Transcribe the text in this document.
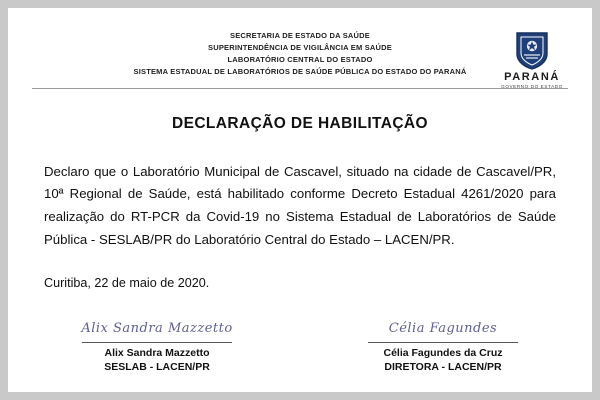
SECRETARIA DE ESTADO DA SAÚDE
SUPERINTENDÊNCIA DE VIGILÂNCIA EM SAÚDE
LABORATÓRIO CENTRAL DO ESTADO
SISTEMA ESTADUAL DE LABORATÓRIOS DE SAÚDE PÚBLICA DO ESTADO DO PARANÁ	PARANÁ
GOVERNO DO ESTADO
DECLARAÇÃO DE HABILITAÇÃO
Declaro que o Laboratório Municipal de Cascavel, situado na cidade de Cascavel/PR, 10ª Regional de Saúde, está habilitado conforme Decreto Estadual 4261/2020 para realização do RT-PCR da Covid-19 no Sistema Estadual de Laboratórios de Saúde Pública - SESLAB/PR do Laboratório Central do Estado – LACEN/PR.
Curitiba, 22 de maio de 2020.
Alix Sandra Mazzetto
Alix Sandra Mazzetto
SESLAB - LACEN/PR
Célia Fagundes
Célia Fagundes da Cruz
DIRETORA - LACEN/PR
